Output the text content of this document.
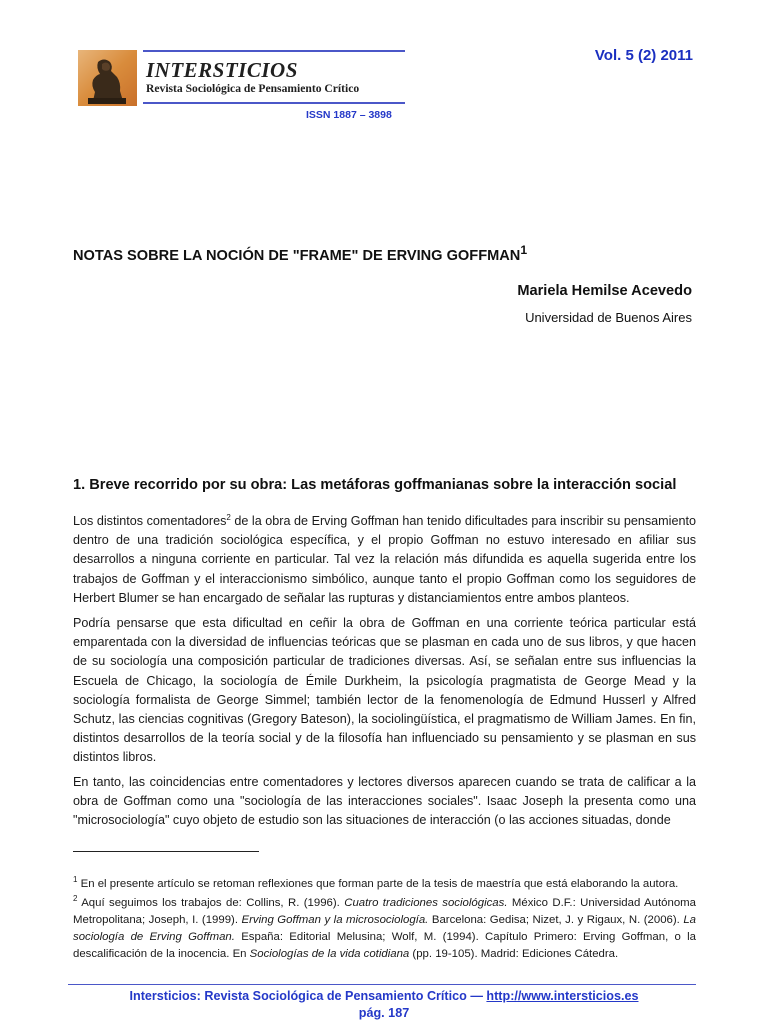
INTERSTICIOS
Revista Sociológica de Pensamiento Crítico
ISSN 1887 – 3898
Vol. 5 (2) 2011
NOTAS SOBRE LA NOCIÓN DE "FRAME" DE ERVING GOFFMAN$^1$
Mariela Hemilse Acevedo
Universidad de Buenos Aires
1. Breve recorrido por su obra: Las metáforas goffmanianas sobre la interacción social
Los distintos comentadores$^2$ de la obra de Erving Goffman han tenido dificultades para inscribir su pensamiento dentro de una tradición sociológica específica, y el propio Goffman no estuvo interesado en afiliar sus desarrollos a ninguna corriente en particular. Tal vez la relación más difundida es aquella sugerida entre los trabajos de Goffman y el interaccionismo simbólico, aunque tanto el propio Goffman como los seguidores de Herbert Blumer se han encargado de señalar las rupturas y distanciamientos entre ambos planteos.
Podría pensarse que esta dificultad en ceñir la obra de Goffman en una corriente teórica particular está emparentada con la diversidad de influencias teóricas que se plasman en cada uno de sus libros, y que hacen de su sociología una composición particular de tradiciones diversas. Así, se señalan entre sus influencias la Escuela de Chicago, la sociología de Émile Durkheim, la psicología pragmatista de George Mead y la sociología formalista de George Simmel; también lector de la fenomenología de Edmund Husserl y Alfred Schutz, las ciencias cognitivas (Gregory Bateson), la sociolingüística, el pragmatismo de William James. En fin, distintos desarrollos de la teoría social y de la filosofía han influenciado su pensamiento y se plasman en sus distintos libros.
En tanto, las coincidencias entre comentadores y lectores diversos aparecen cuando se trata de calificar a la obra de Goffman como una "sociología de las interacciones sociales". Isaac Joseph la presenta como una "microsociología" cuyo objeto de estudio son las situaciones de interacción (o las acciones situadas, donde
$^1$ En el presente artículo se retoman reflexiones que forman parte de la tesis de maestría que está elaborando la autora.
$^2$ Aquí seguimos los trabajos de: Collins, R. (1996). Cuatro tradiciones sociológicas. México D.F.: Universidad Autónoma Metropolitana; Joseph, I. (1999). Erving Goffman y la microsociología. Barcelona: Gedisa; Nizet, J. y Rigaux, N. (2006). La sociología de Erving Goffman. España: Editorial Melusina; Wolf, M. (1994). Capítulo Primero: Erving Goffman, o la descalificación de la inocencia. En Sociologías de la vida cotidiana (pp. 19-105). Madrid: Ediciones Cátedra.
Intersticios: Revista Sociológica de Pensamiento Crítico — http://www.intersticios.es
pág. 187
